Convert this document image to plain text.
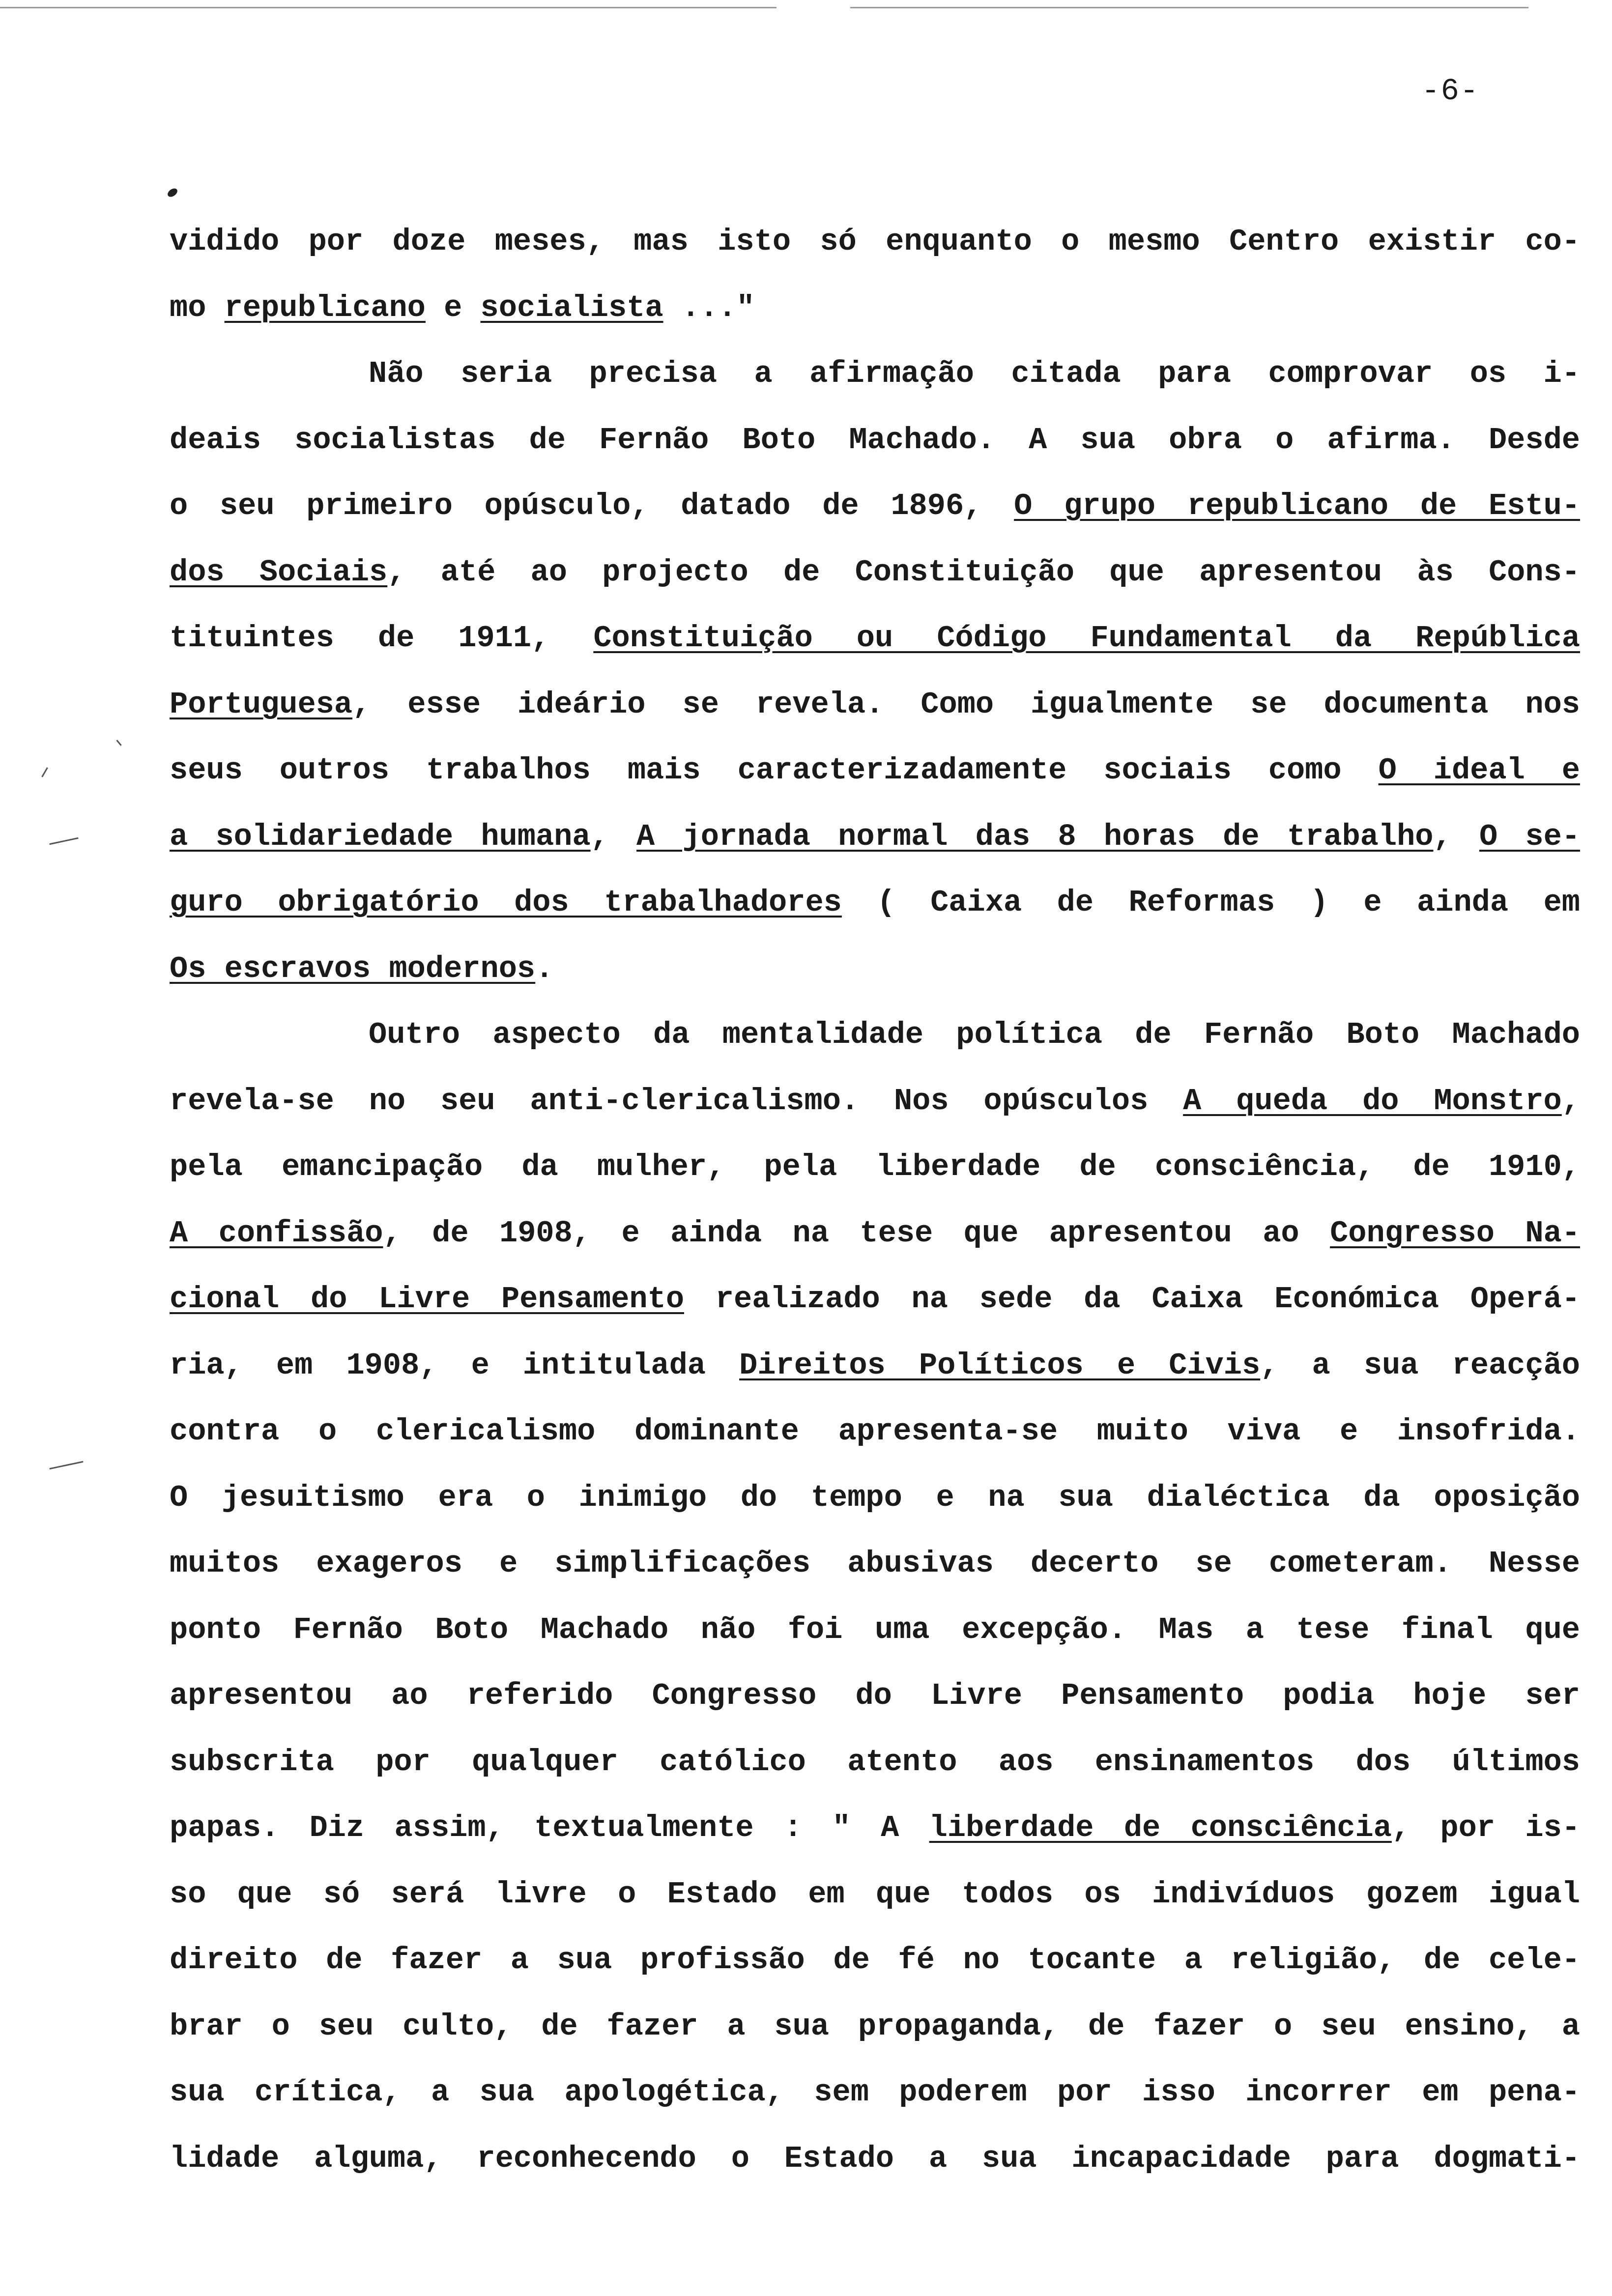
-6-
vidido por doze meses, mas isto só enquanto o mesmo Centro existir co-
mo republicano e socialista ..."
Não seria precisa a afirmação citada para comprovar os i-
deais socialistas de Fernão Boto Machado. A sua obra o afirma. Desde
o seu primeiro opúsculo, datado de 1896, O grupo republicano de Estu-
dos Sociais, até ao projecto de Constituição que apresentou às Cons-
tituintes de 1911, Constituição ou Código Fundamental da República
Portuguesa, esse ideário se revela. Como igualmente se documenta nos
seus outros trabalhos mais caracterizadamente sociais como O ideal e
a solidariedade humana, A jornada normal das 8 horas de trabalho, O se-
guro obrigatório dos trabalhadores ( Caixa de Reformas ) e ainda em
Os escravos modernos.
Outro aspecto da mentalidade política de Fernão Boto Machado
revela-se no seu anti-clericalismo. Nos opúsculos A queda do Monstro,
pela emancipação da mulher, pela liberdade de consciência, de 1910,
A confissão, de 1908, e ainda na tese que apresentou ao Congresso Na-
cional do Livre Pensamento realizado na sede da Caixa Económica Operá-
ria, em 1908, e intitulada Direitos Políticos e Civis, a sua reacção
contra o clericalismo dominante apresenta-se muito viva e insofrida.
O jesuitismo era o inimigo do tempo e na sua dialéctica da oposição
muitos exageros e simplificações abusivas decerto se cometeram. Nesse
ponto Fernão Boto Machado não foi uma excepção. Mas a tese final que
apresentou ao referido Congresso do Livre Pensamento podia hoje ser
subscrita por qualquer católico atento aos ensinamentos dos últimos
papas. Diz assim, textualmente : " A liberdade de consciência, por is-
so que só será livre o Estado em que todos os indivíduos gozem igual
direito de fazer a sua profissão de fé no tocante a religião, de cele-
brar o seu culto, de fazer a sua propaganda, de fazer o seu ensino, a
sua crítica, a sua apologética, sem poderem por isso incorrer em pena-
lidade alguma, reconhecendo o Estado a sua incapacidade para dogmati-
